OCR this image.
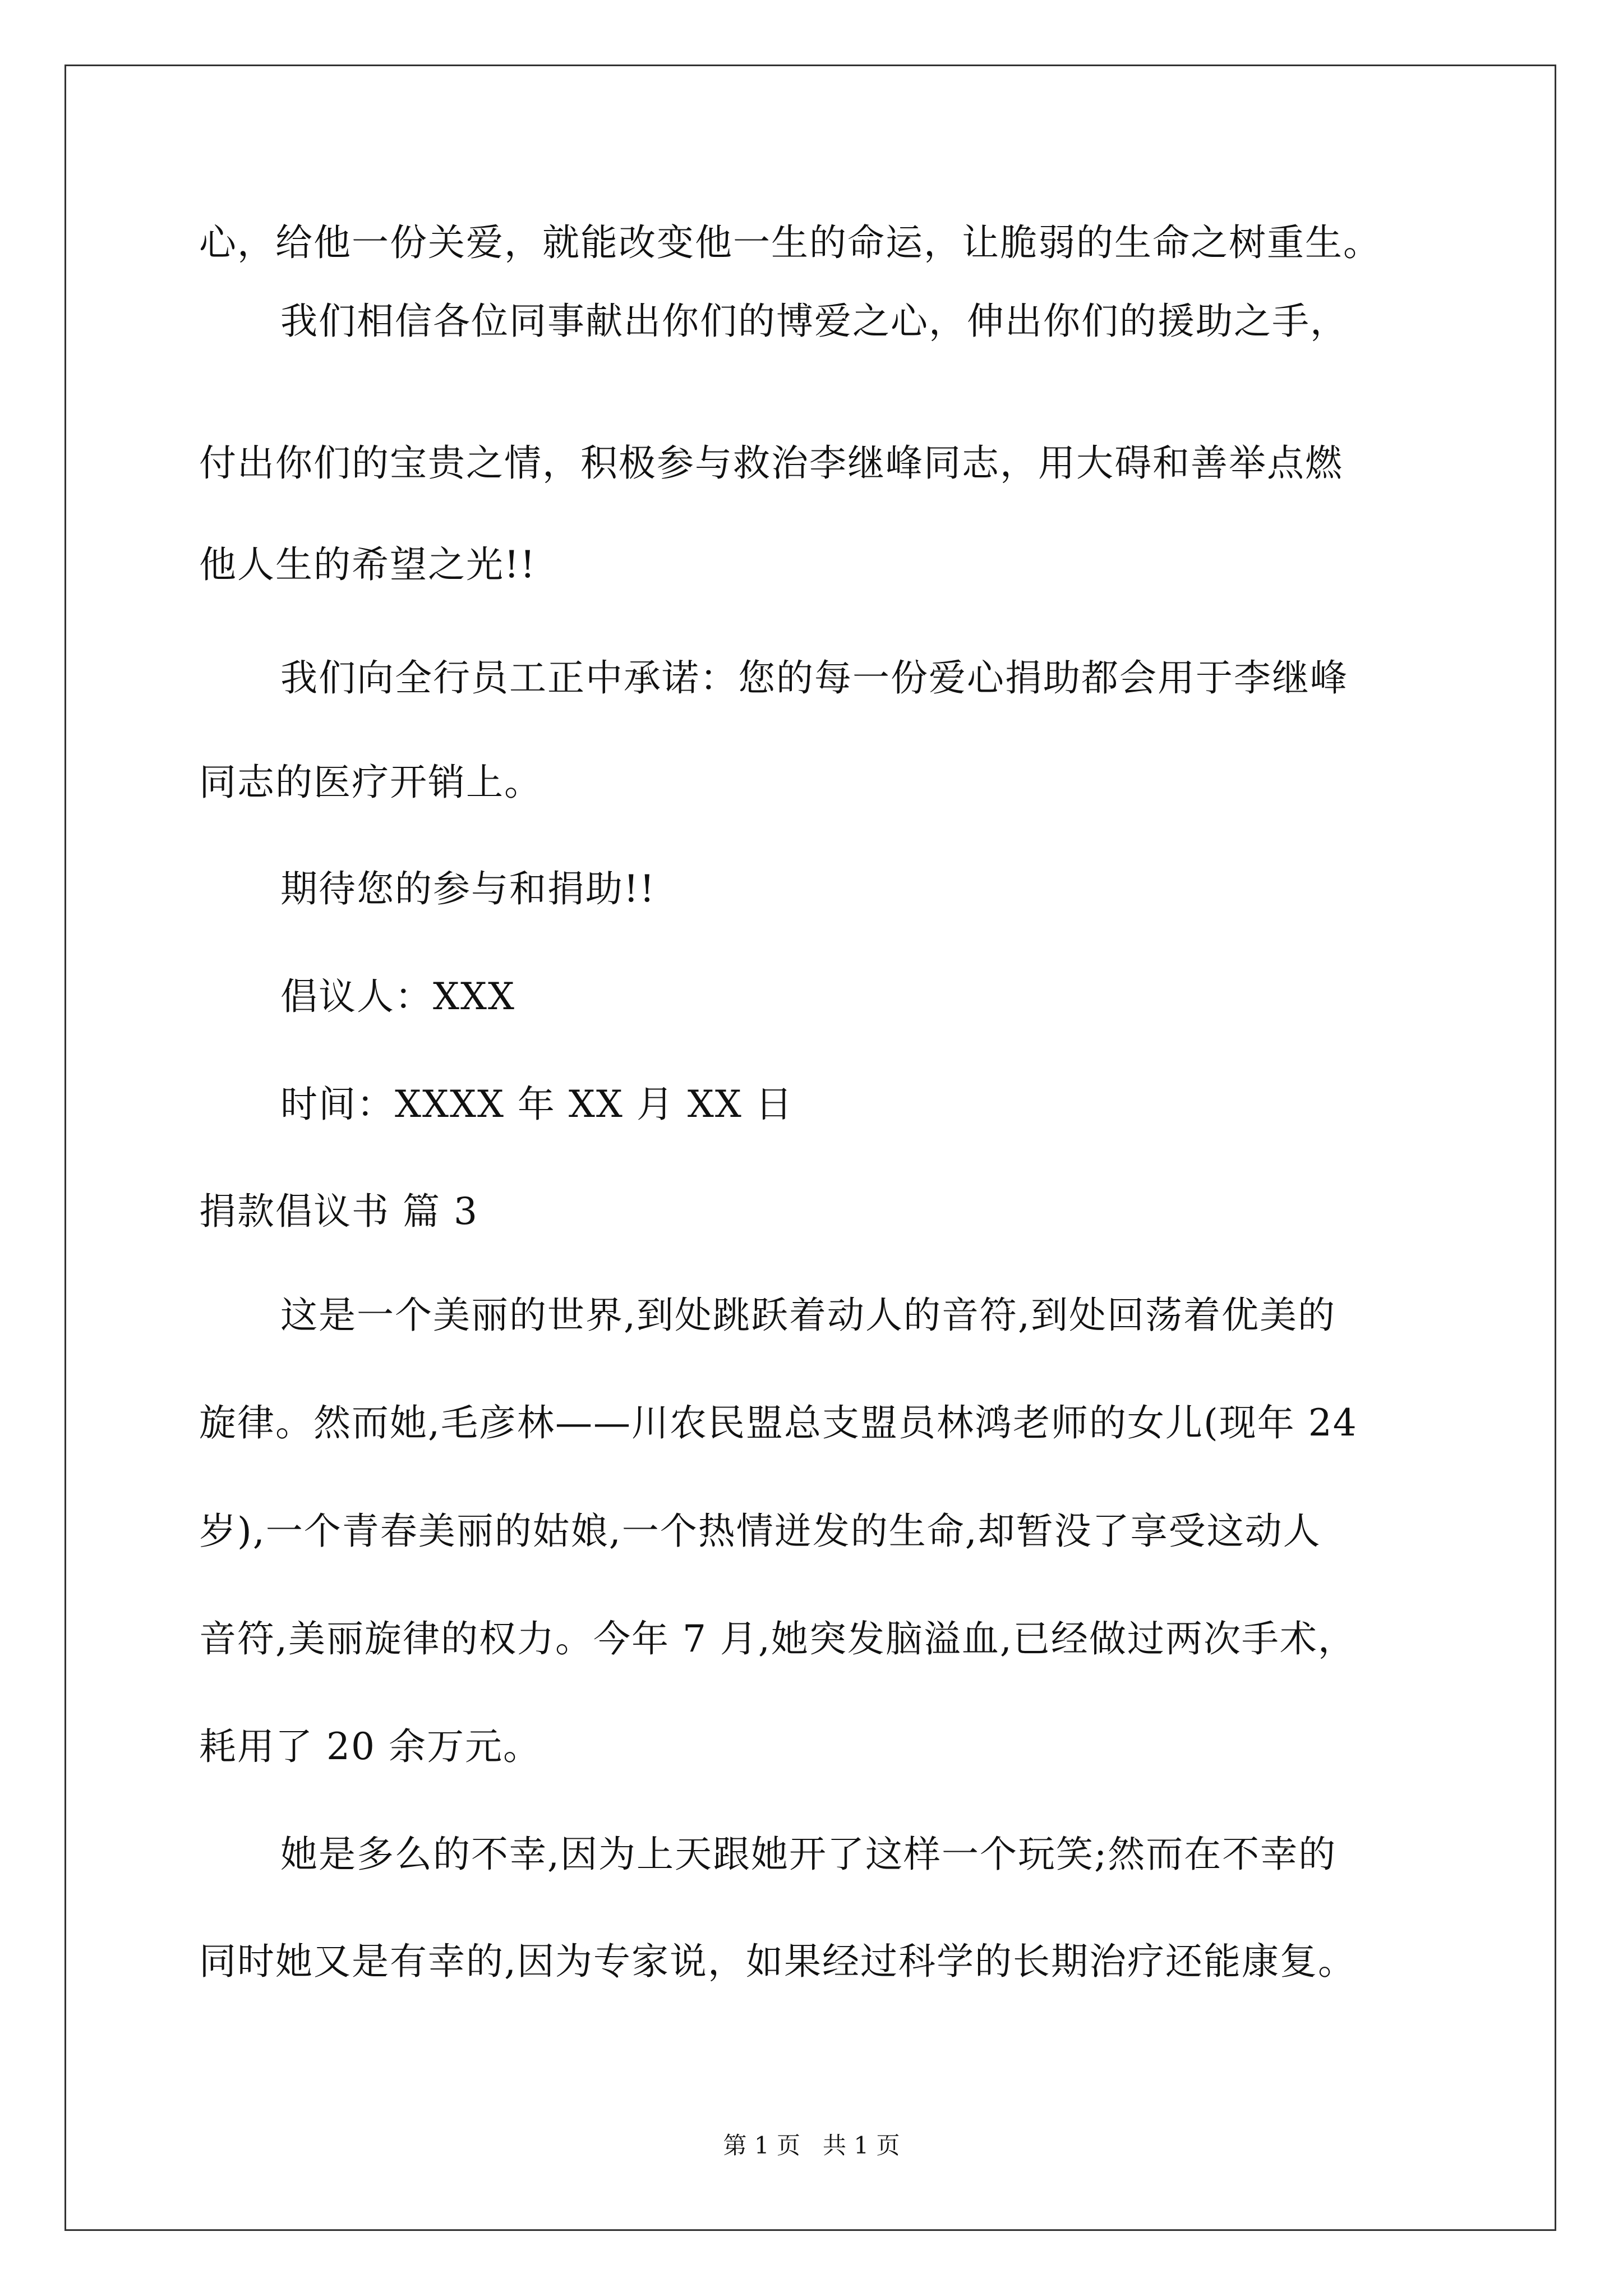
心，给他一份关爱，就能改变他一生的命运，让脆弱的生命之树重生。
我们相信各位同事献出你们的博爱之心，伸出你们的援助之手，
付出你们的宝贵之情，积极参与救治李继峰同志，用大碍和善举点燃
他人生的希望之光!!
我们向全行员工正中承诺：您的每一份爱心捐助都会用于李继峰
同志的医疗开销上。
期待您的参与和捐助!!
倡议人：XXX
时间：XXXX 年 XX 月 XX 日
捐款倡议书 篇 3
这是一个美丽的世界,到处跳跃着动人的音符,到处回荡着优美的
旋律。然而她,毛彦林——川农民盟总支盟员林鸿老师的女儿(现年 24
岁),一个青春美丽的姑娘,一个热情迸发的生命,却暂没了享受这动人
音符,美丽旋律的权力。今年 7 月,她突发脑溢血,已经做过两次手术，
耗用了 20 余万元。
她是多么的不幸,因为上天跟她开了这样一个玩笑;然而在不幸的
同时她又是有幸的,因为专家说，如果经过科学的长期治疗还能康复。
第 1 页   共 1 页
